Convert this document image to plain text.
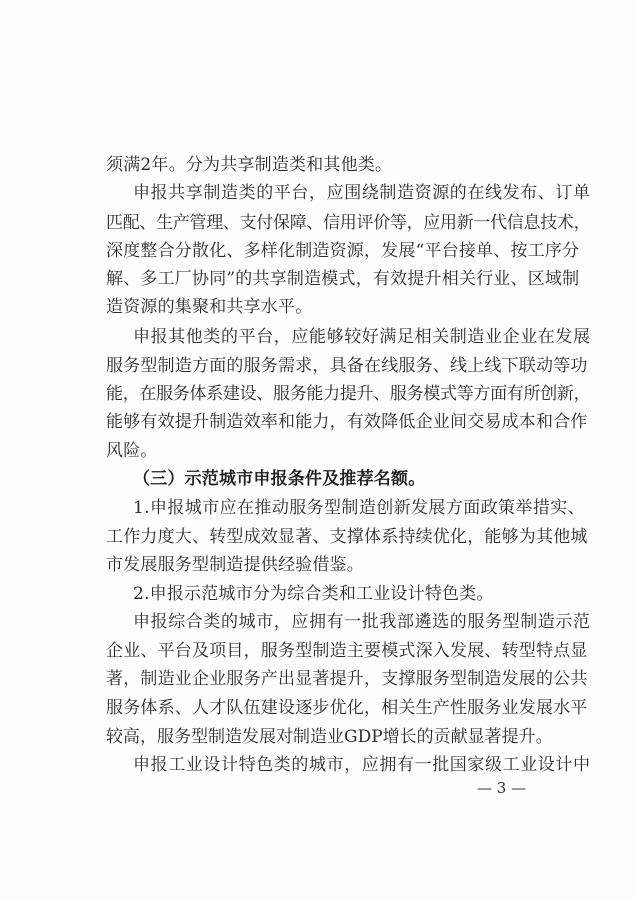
须满2年。分为共享制造类和其他类。
申报共享制造类的平台，应围绕制造资源的在线发布、订单
匹配、生产管理、支付保障、信用评价等，应用新一代信息技术，
深度整合分散化、多样化制造资源，发展“平台接单、按工序分
解、多工厂协同”的共享制造模式，有效提升相关行业、区域制
造资源的集聚和共享水平。
申报其他类的平台，应能够较好满足相关制造业企业在发展
服务型制造方面的服务需求，具备在线服务、线上线下联动等功
能，在服务体系建设、服务能力提升、服务模式等方面有所创新，
能够有效提升制造效率和能力，有效降低企业间交易成本和合作
风险。
（三）示范城市申报条件及推荐名额。
1.申报城市应在推动服务型制造创新发展方面政策举措实、
工作力度大、转型成效显著、支撑体系持续优化，能够为其他城
市发展服务型制造提供经验借鉴。
2.申报示范城市分为综合类和工业设计特色类。
申报综合类的城市，应拥有一批我部遴选的服务型制造示范
企业、平台及项目，服务型制造主要模式深入发展、转型特点显
著，制造业企业服务产出显著提升，支撑服务型制造发展的公共
服务体系、人才队伍建设逐步优化，相关生产性服务业发展水平
较高，服务型制造发展对制造业GDP增长的贡献显著提升。
申报工业设计特色类的城市，应拥有一批国家级工业设计中
— 3 —
